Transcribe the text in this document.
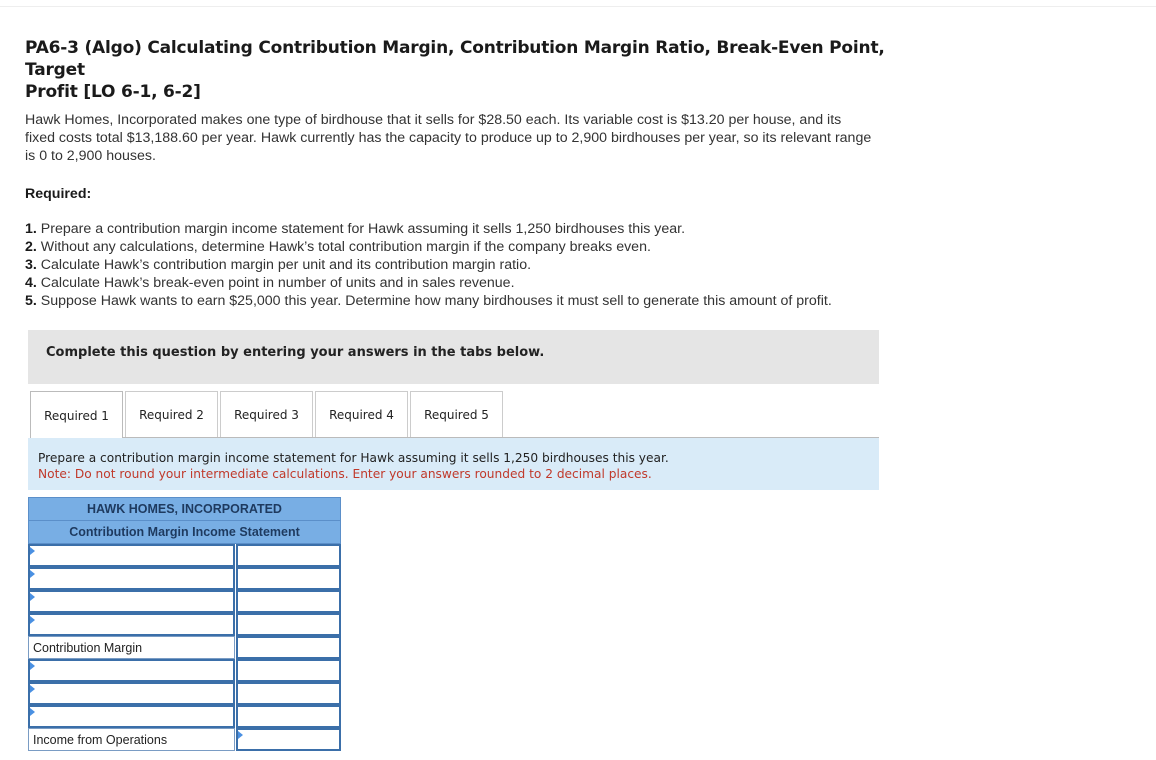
PA6-3 (Algo) Calculating Contribution Margin, Contribution Margin Ratio, Break-Even Point, Target
Profit [LO 6-1, 6-2]
Hawk Homes, Incorporated makes one type of birdhouse that it sells for $28.50 each. Its variable cost is $13.20 per house, and its
fixed costs total $13,188.60 per year. Hawk currently has the capacity to produce up to 2,900 birdhouses per year, so its relevant range
is 0 to 2,900 houses.
Required:
1. Prepare a contribution margin income statement for Hawk assuming it sells 1,250 birdhouses this year.
2. Without any calculations, determine Hawk’s total contribution margin if the company breaks even.
3. Calculate Hawk’s contribution margin per unit and its contribution margin ratio.
4. Calculate Hawk’s break-even point in number of units and in sales revenue.
5. Suppose Hawk wants to earn $25,000 this year. Determine how many birdhouses it must sell to generate this amount of profit.
Complete this question by entering your answers in the tabs below.
Required 1	Required 2	Required 3	Required 4	Required 5
Prepare a contribution margin income statement for Hawk assuming it sells 1,250 birdhouses this year.
Note: Do not round your intermediate calculations. Enter your answers rounded to 2 decimal places.
HAWK HOMES, INCORPORATED
Contribution Margin Income Statement
Contribution Margin
Income from Operations
